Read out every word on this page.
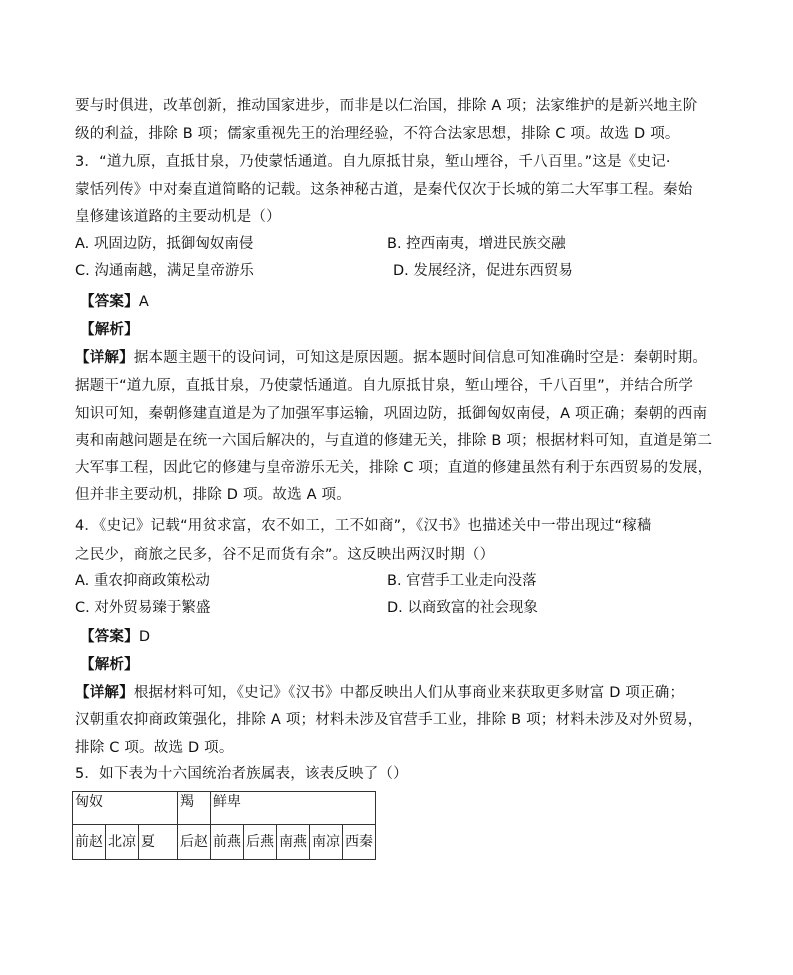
要与时俱进，改革创新，推动国家进步，而非是以仁治国，排除 A 项；法家维护的是新兴地主阶
级的利益，排除 B 项；儒家重视先王的治理经验，不符合法家思想，排除 C 项。故选 D 项。
3．“道九原，直抵甘泉，乃使蒙恬通道。自九原抵甘泉，堑山堙谷，千八百里。”这是《史记·
蒙恬列传》中对秦直道简略的记载。这条神秘古道，是秦代仅次于长城的第二大军事工程。秦始
皇修建该道路的主要动机是（）
A. 巩固边防，抵御匈奴南侵	B. 控西南夷，增进民族交融
C. 沟通南越，满足皇帝游乐	D. 发展经济，促进东西贸易
【答案】A
【解析】
【详解】据本题主题干的设问词，可知这是原因题。据本题时间信息可知准确时空是：秦朝时期。
据题干“道九原，直抵甘泉，乃使蒙恬通道。自九原抵甘泉，堑山堙谷，千八百里”，并结合所学
知识可知，秦朝修建直道是为了加强军事运输，巩固边防，抵御匈奴南侵，A 项正确；秦朝的西南
夷和南越问题是在统一六国后解决的，与直道的修建无关，排除 B 项；根据材料可知，直道是第二
大军事工程，因此它的修建与皇帝游乐无关，排除 C 项；直道的修建虽然有利于东西贸易的发展，
但并非主要动机，排除 D 项。故选 A 项。
4．《史记》记载“用贫求富，农不如工，工不如商”，《汉书》也描述关中一带出现过“稼穑
之民少，商旅之民多，谷不足而货有余”。这反映出两汉时期（）
A. 重农抑商政策松动	B. 官营手工业走向没落
C. 对外贸易臻于繁盛	D. 以商致富的社会现象
【答案】D
【解析】
【详解】根据材料可知，《史记》《汉书》中都反映出人们从事商业来获取更多财富 D 项正确；
汉朝重农抑商政策强化，排除 A 项；材料未涉及官营手工业，排除 B 项；材料未涉及对外贸易，
排除 C 项。故选 D 项。
5．如下表为十六国统治者族属表，该表反映了（）
匈奴			羯	鲜卑				
前赵	北凉	夏	后赵	前燕	后燕	南燕	南凉	西秦
